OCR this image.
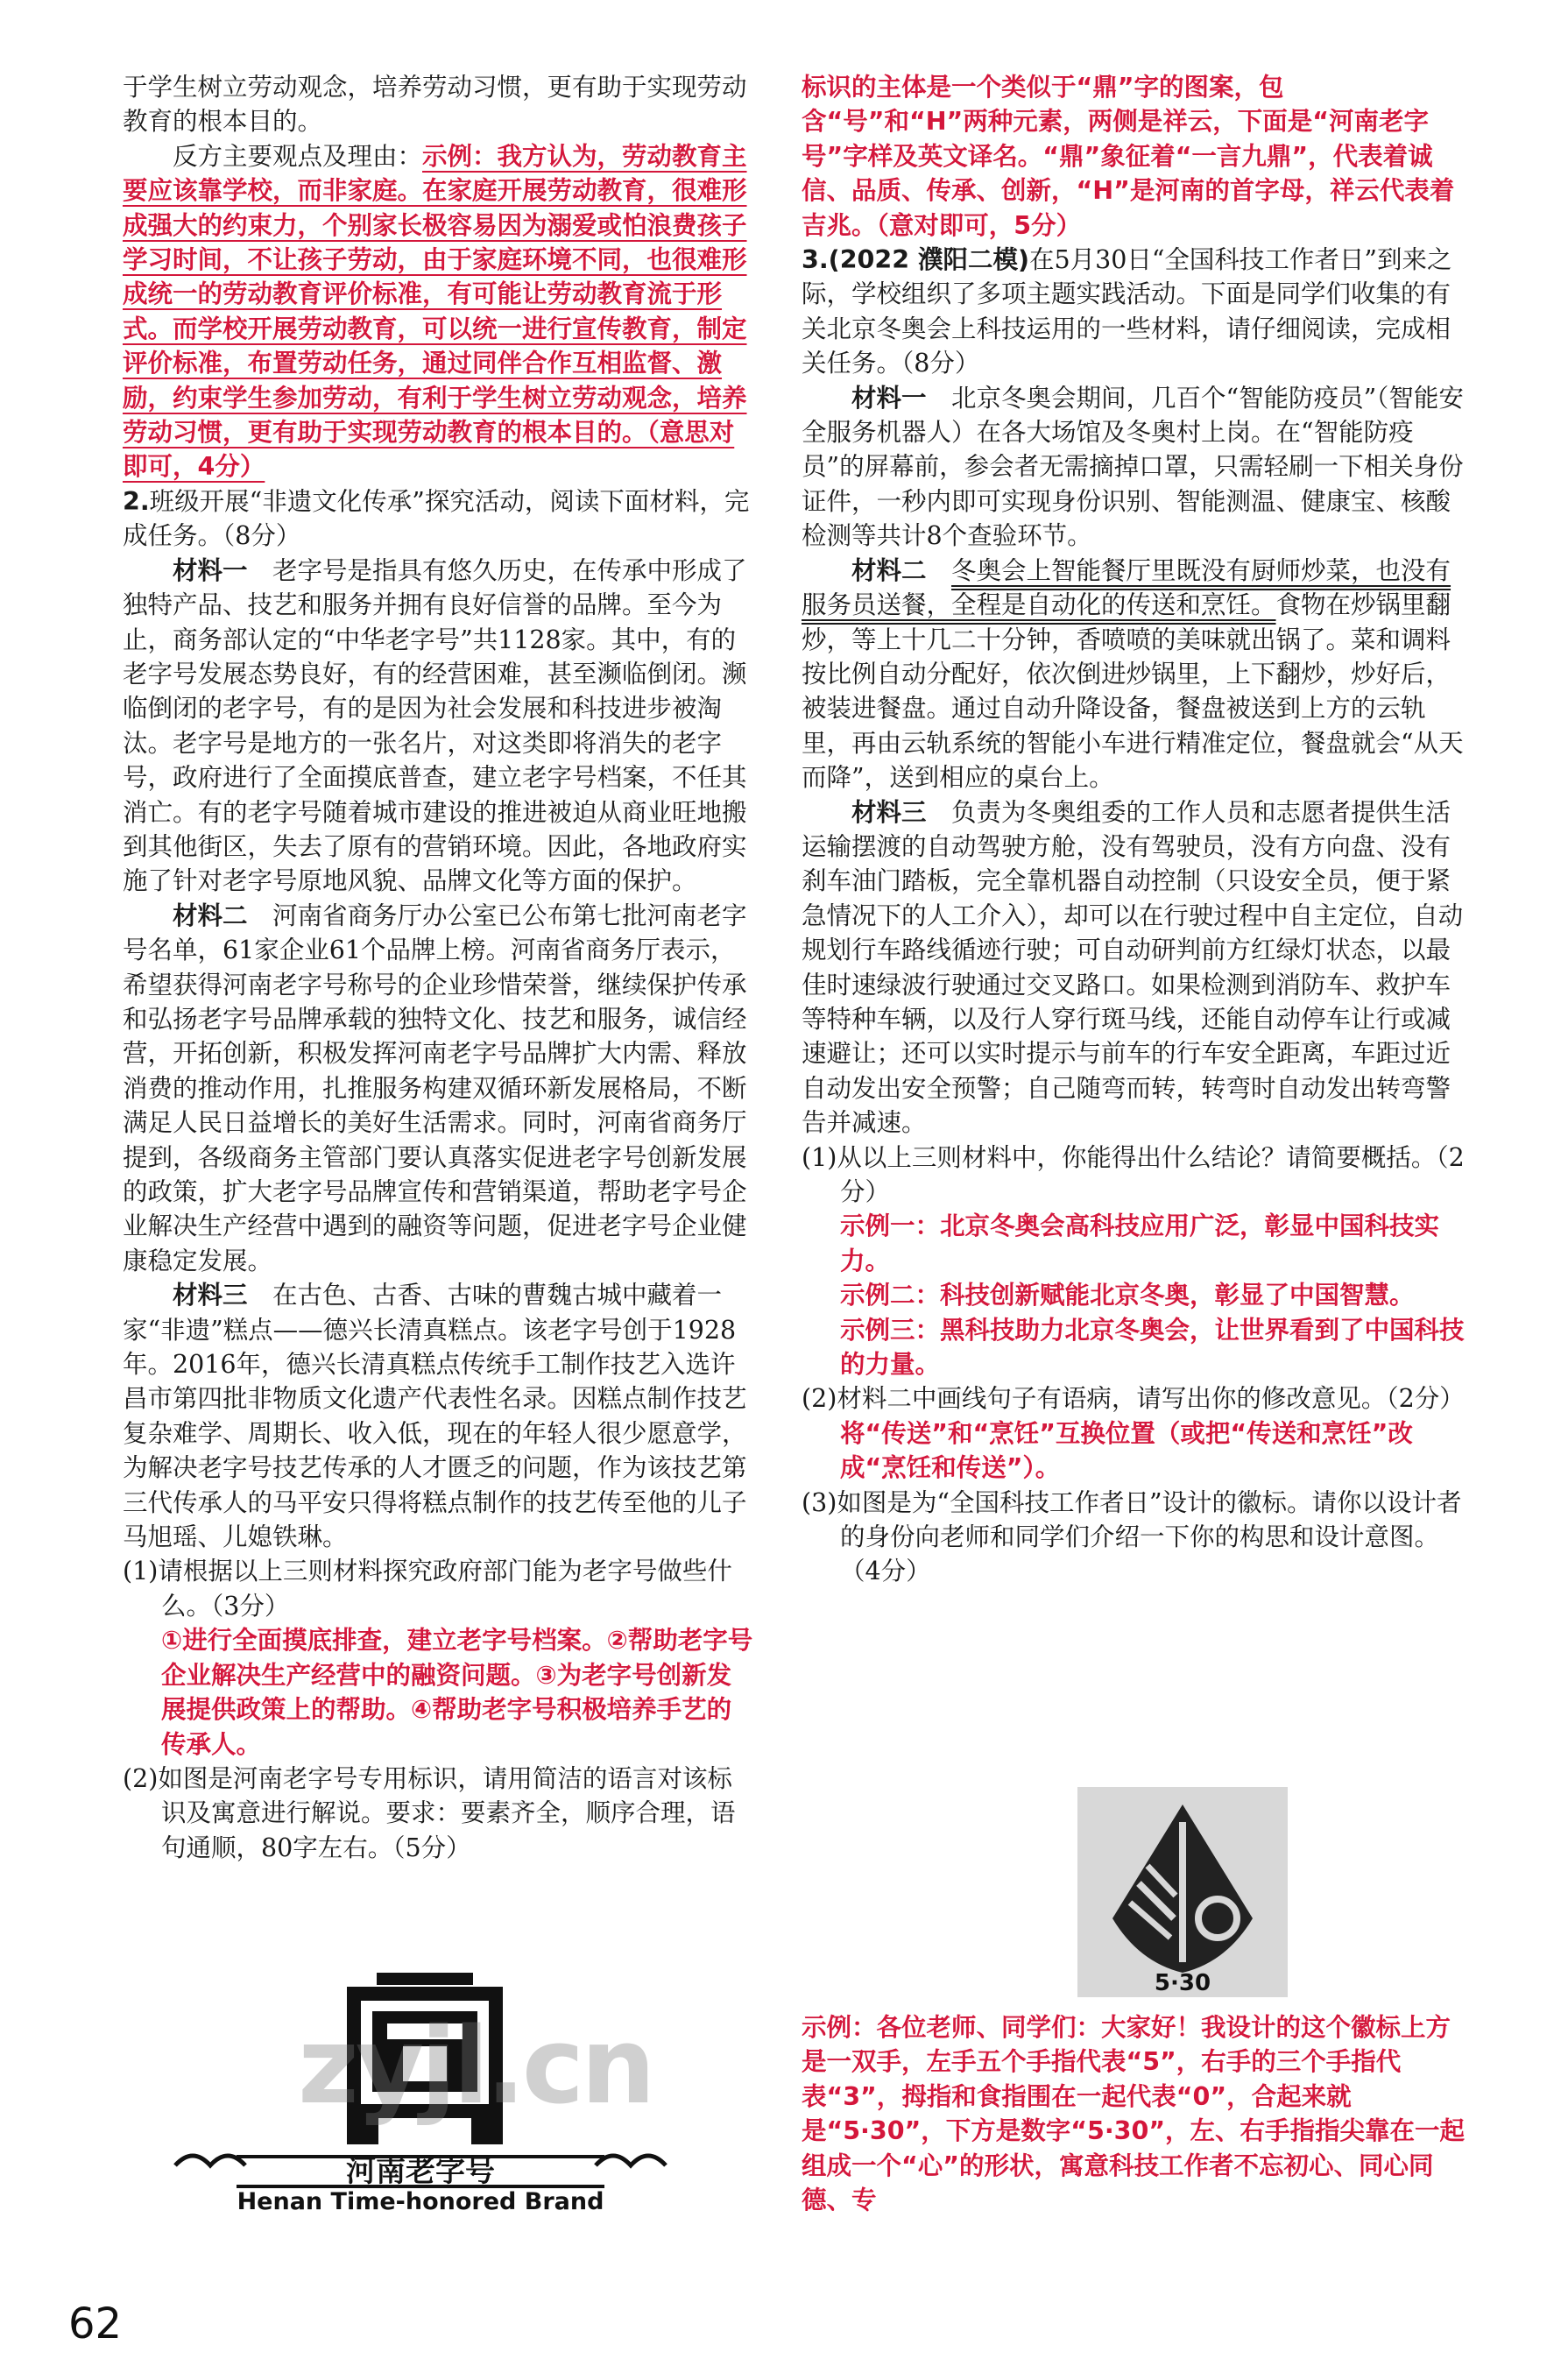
于学生树立劳动观念，培养劳动习惯，更有助于实现劳动教育的根本目的。

反方主要观点及理由：示例：我方认为，劳动教育主要应该靠学校，而非家庭。在家庭开展劳动教育，很难形成强大的约束力，个别家长极容易因为溺爱或怕浪费孩子学习时间，不让孩子劳动，由于家庭环境不同，也很难形成统一的劳动教育评价标准，有可能让劳动教育流于形式。而学校开展劳动教育，可以统一进行宣传教育，制定评价标准，布置劳动任务，通过同伴合作互相监督、激励，约束学生参加劳动，有利于学生树立劳动观念，培养劳动习惯，更有助于实现劳动教育的根本目的。（意思对即可，4分）

2.班级开展“非遗文化传承”探究活动，阅读下面材料，完成任务。（8分）

材料一　 老字号是指具有悠久历史，在传承中形成了独特产品、技艺和服务并拥有良好信誉的品牌。至今为止，商务部认定的“中华老字号”共1128家。其中，有的老字号发展态势良好，有的经营困难，甚至濒临倒闭。濒临倒闭的老字号，有的是因为社会发展和科技进步被淘汰。老字号是地方的一张名片，对这类即将消失的老字号，政府进行了全面摸底普查，建立老字号档案，不任其消亡。有的老字号随着城市建设的推进被迫从商业旺地搬到其他街区，失去了原有的营销环境。因此，各地政府实施了针对老字号原地风貌、品牌文化等方面的保护。

材料二　 河南省商务厅办公室已公布第七批河南老字号名单，61家企业61个品牌上榜。河南省商务厅表示，希望获得河南老字号称号的企业珍惜荣誉，继续保护传承和弘扬老字号品牌承载的独特文化、技艺和服务，诚信经营，开拓创新，积极发挥河南老字号品牌扩大内需、释放消费的推动作用，扎推服务构建双循环新发展格局，不断满足人民日益增长的美好生活需求。同时，河南省商务厅提到，各级商务主管部门要认真落实促进老字号创新发展的政策，扩大老字号品牌宣传和营销渠道，帮助老字号企业解决生产经营中遇到的融资等问题，促进老字号企业健康稳定发展。

材料三　 在古色、古香、古味的曹魏古城中藏着一家“非遗”糕点——德兴长清真糕点。该老字号创于1928年。2016年，德兴长清真糕点传统手工制作技艺入选许昌市第四批非物质文化遗产代表性名录。因糕点制作技艺复杂难学、周期长、收入低，现在的年轻人很少愿意学，为解决老字号技艺传承的人才匮乏的问题，作为该技艺第三代传承人的马平安只得将糕点制作的技艺传至他的儿子马旭瑶、儿媳铁琳。

(1)请根据以上三则材料探究政府部门能为老字号做些什么。（3分）

①进行全面摸底排查，建立老字号档案。②帮助老字号企业解决生产经营中的融资问题。③为老字号创新发展提供政策上的帮助。④帮助老字号积极培养手艺的传承人。

(2)如图是河南老字号专用标识，请用简洁的语言对该标识及寓意进行解说。要求：要素齐全，顺序合理，语句通顺，80字左右。（5分）

河南老字号
Henan Time-honored Brand
zyjl.cn

标识的主体是一个类似于“鼎”字的图案，包含“号”和“H”两种元素，两侧是祥云，下面是“河南老字号”字样及英文译名。“鼎”象征着“一言九鼎”，代表着诚信、品质、传承、创新，“H”是河南的首字母，祥云代表着吉兆。（意对即可，5分）

3.(2022 濮阳二模)在5月30日“全国科技工作者日”到来之际，学校组织了多项主题实践活动。下面是同学们收集的有关北京冬奥会上科技运用的一些材料，请仔细阅读，完成相关任务。（8分）

材料一　 北京冬奥会期间，几百个“智能防疫员”（智能安全服务机器人）在各大场馆及冬奥村上岗。在“智能防疫员”的屏幕前，参会者无需摘掉口罩，只需轻刷一下相关身份证件，一秒内即可实现身份识别、智能测温、健康宝、核酸检测等共计8个查验环节。

材料二　 冬奥会上智能餐厅里既没有厨师炒菜，也没有服务员送餐，全程是自动化的传送和烹饪。食物在炒锅里翻炒，等上十几二十分钟，香喷喷的美味就出锅了。菜和调料按比例自动分配好，依次倒进炒锅里，上下翻炒，炒好后，被装进餐盘。通过自动升降设备，餐盘被送到上方的云轨里，再由云轨系统的智能小车进行精准定位，餐盘就会“从天而降”，送到相应的桌台上。

材料三　 负责为冬奥组委的工作人员和志愿者提供生活运输摆渡的自动驾驶方舱，没有驾驶员，没有方向盘、没有刹车油门踏板，完全靠机器自动控制（只设安全员，便于紧急情况下的人工介入），却可以在行驶过程中自主定位，自动规划行车路线循迹行驶；可自动研判前方红绿灯状态，以最佳时速绿波行驶通过交叉路口。如果检测到消防车、救护车等特种车辆，以及行人穿行斑马线，还能自动停车让行或减速避让；还可以实时提示与前车的行车安全距离，车距过近自动发出安全预警；自己随弯而转，转弯时自动发出转弯警告并减速。

(1)从以上三则材料中，你能得出什么结论？请简要概括。（2分）

示例一：北京冬奥会高科技应用广泛，彰显中国科技实力。

示例二：科技创新赋能北京冬奥，彰显了中国智慧。

示例三：黑科技助力北京冬奥会，让世界看到了中国科技的力量。

(2)材料二中画线句子有语病，请写出你的修改意见。（2分）

将“传送”和“烹饪”互换位置（或把“传送和烹饪”改成“烹饪和传送”）。

(3)如图是为“全国科技工作者日”设计的徽标。请你以设计者的身份向老师和同学们介绍一下你的构思和设计意图。（4分）

5·30

示例：各位老师、同学们：大家好！我设计的这个徽标上方是一双手，左手五个手指代表“5”，右手的三个手指代表“3”，拇指和食指围在一起代表“0”，合起来就是“5·30”，下方是数字“5·30”，左、右手指指尖靠在一起组成一个“心”的形状，寓意科技工作者不忘初心、同心同德、专

62
